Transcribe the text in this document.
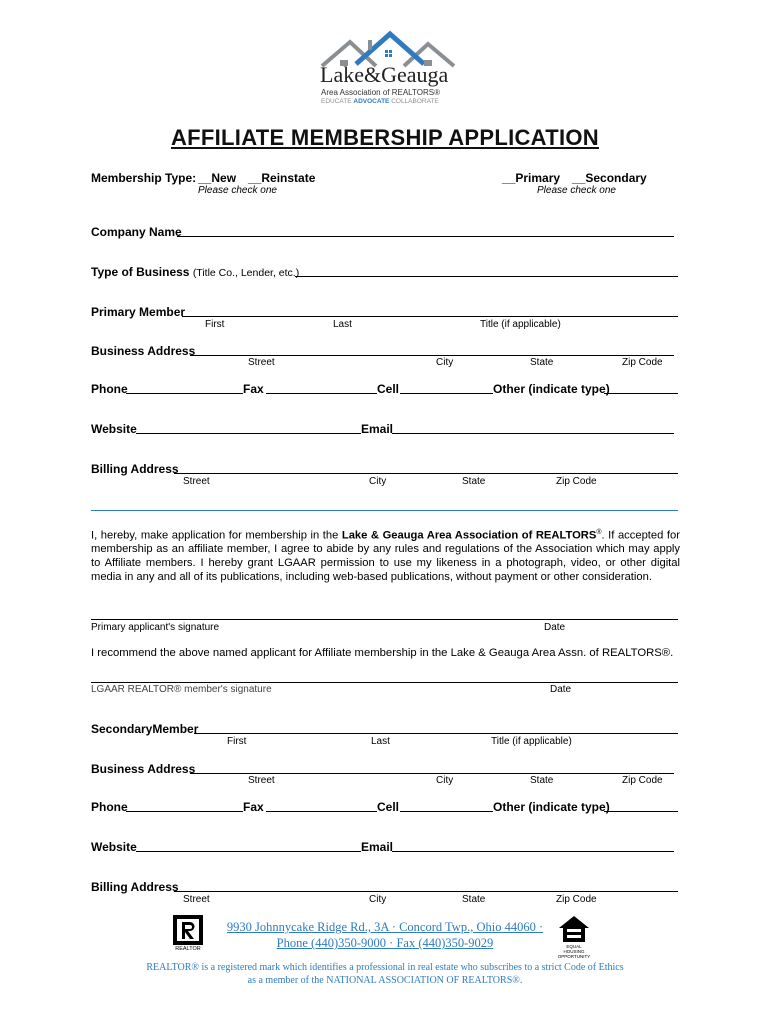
Lake&Geauga
Area Association of REALTORS®
EDUCATE ADVOCATE COLLABORATE
AFFILIATE MEMBERSHIP APPLICATION
Membership Type: __New __Reinstate
Please check one
__Primary __Secondary
Please check one
Company Name
Type of Business (Title Co., Lender, etc.)
Primary Member
First	Last	Title (if applicable)
Business Address
Street	City	State	Zip Code
Phone	Fax	Cell	Other (indicate type)
Website	Email
Billing Address
Street	City	State	Zip Code
I, hereby, make application for membership in the Lake & Geauga Area Association of REALTORS®. If accepted for membership as an affiliate member, I agree to abide by any rules and regulations of the Association which may apply to Affiliate members. I hereby grant LGAAR permission to use my likeness in a photograph, video, or other digital media in any and all of its publications, including web-based publications, without payment or other consideration.
Primary applicant's signature	Date
I recommend the above named applicant for Affiliate membership in the Lake & Geauga Area Assn. of REALTORS®.
LGAAR REALTOR® member's signature	Date
SecondaryMember
First	Last	Title (if applicable)
Business Address
Street	City	State	Zip Code
Phone	Fax	Cell	Other (indicate type)
Website	Email
Billing Address
Street	City	State	Zip Code
REALTOR
9930 Johnnycake Ridge Rd., 3A · Concord Twp., Ohio 44060 ·
Phone (440)350-9000 · Fax (440)350-9029	EQUAL HOUSING OPPORTUNITY
REALTOR® is a registered mark which identifies a professional in real estate who subscribes to a strict Code of Ethics
as a member of the NATIONAL ASSOCIATION OF REALTORS®.
